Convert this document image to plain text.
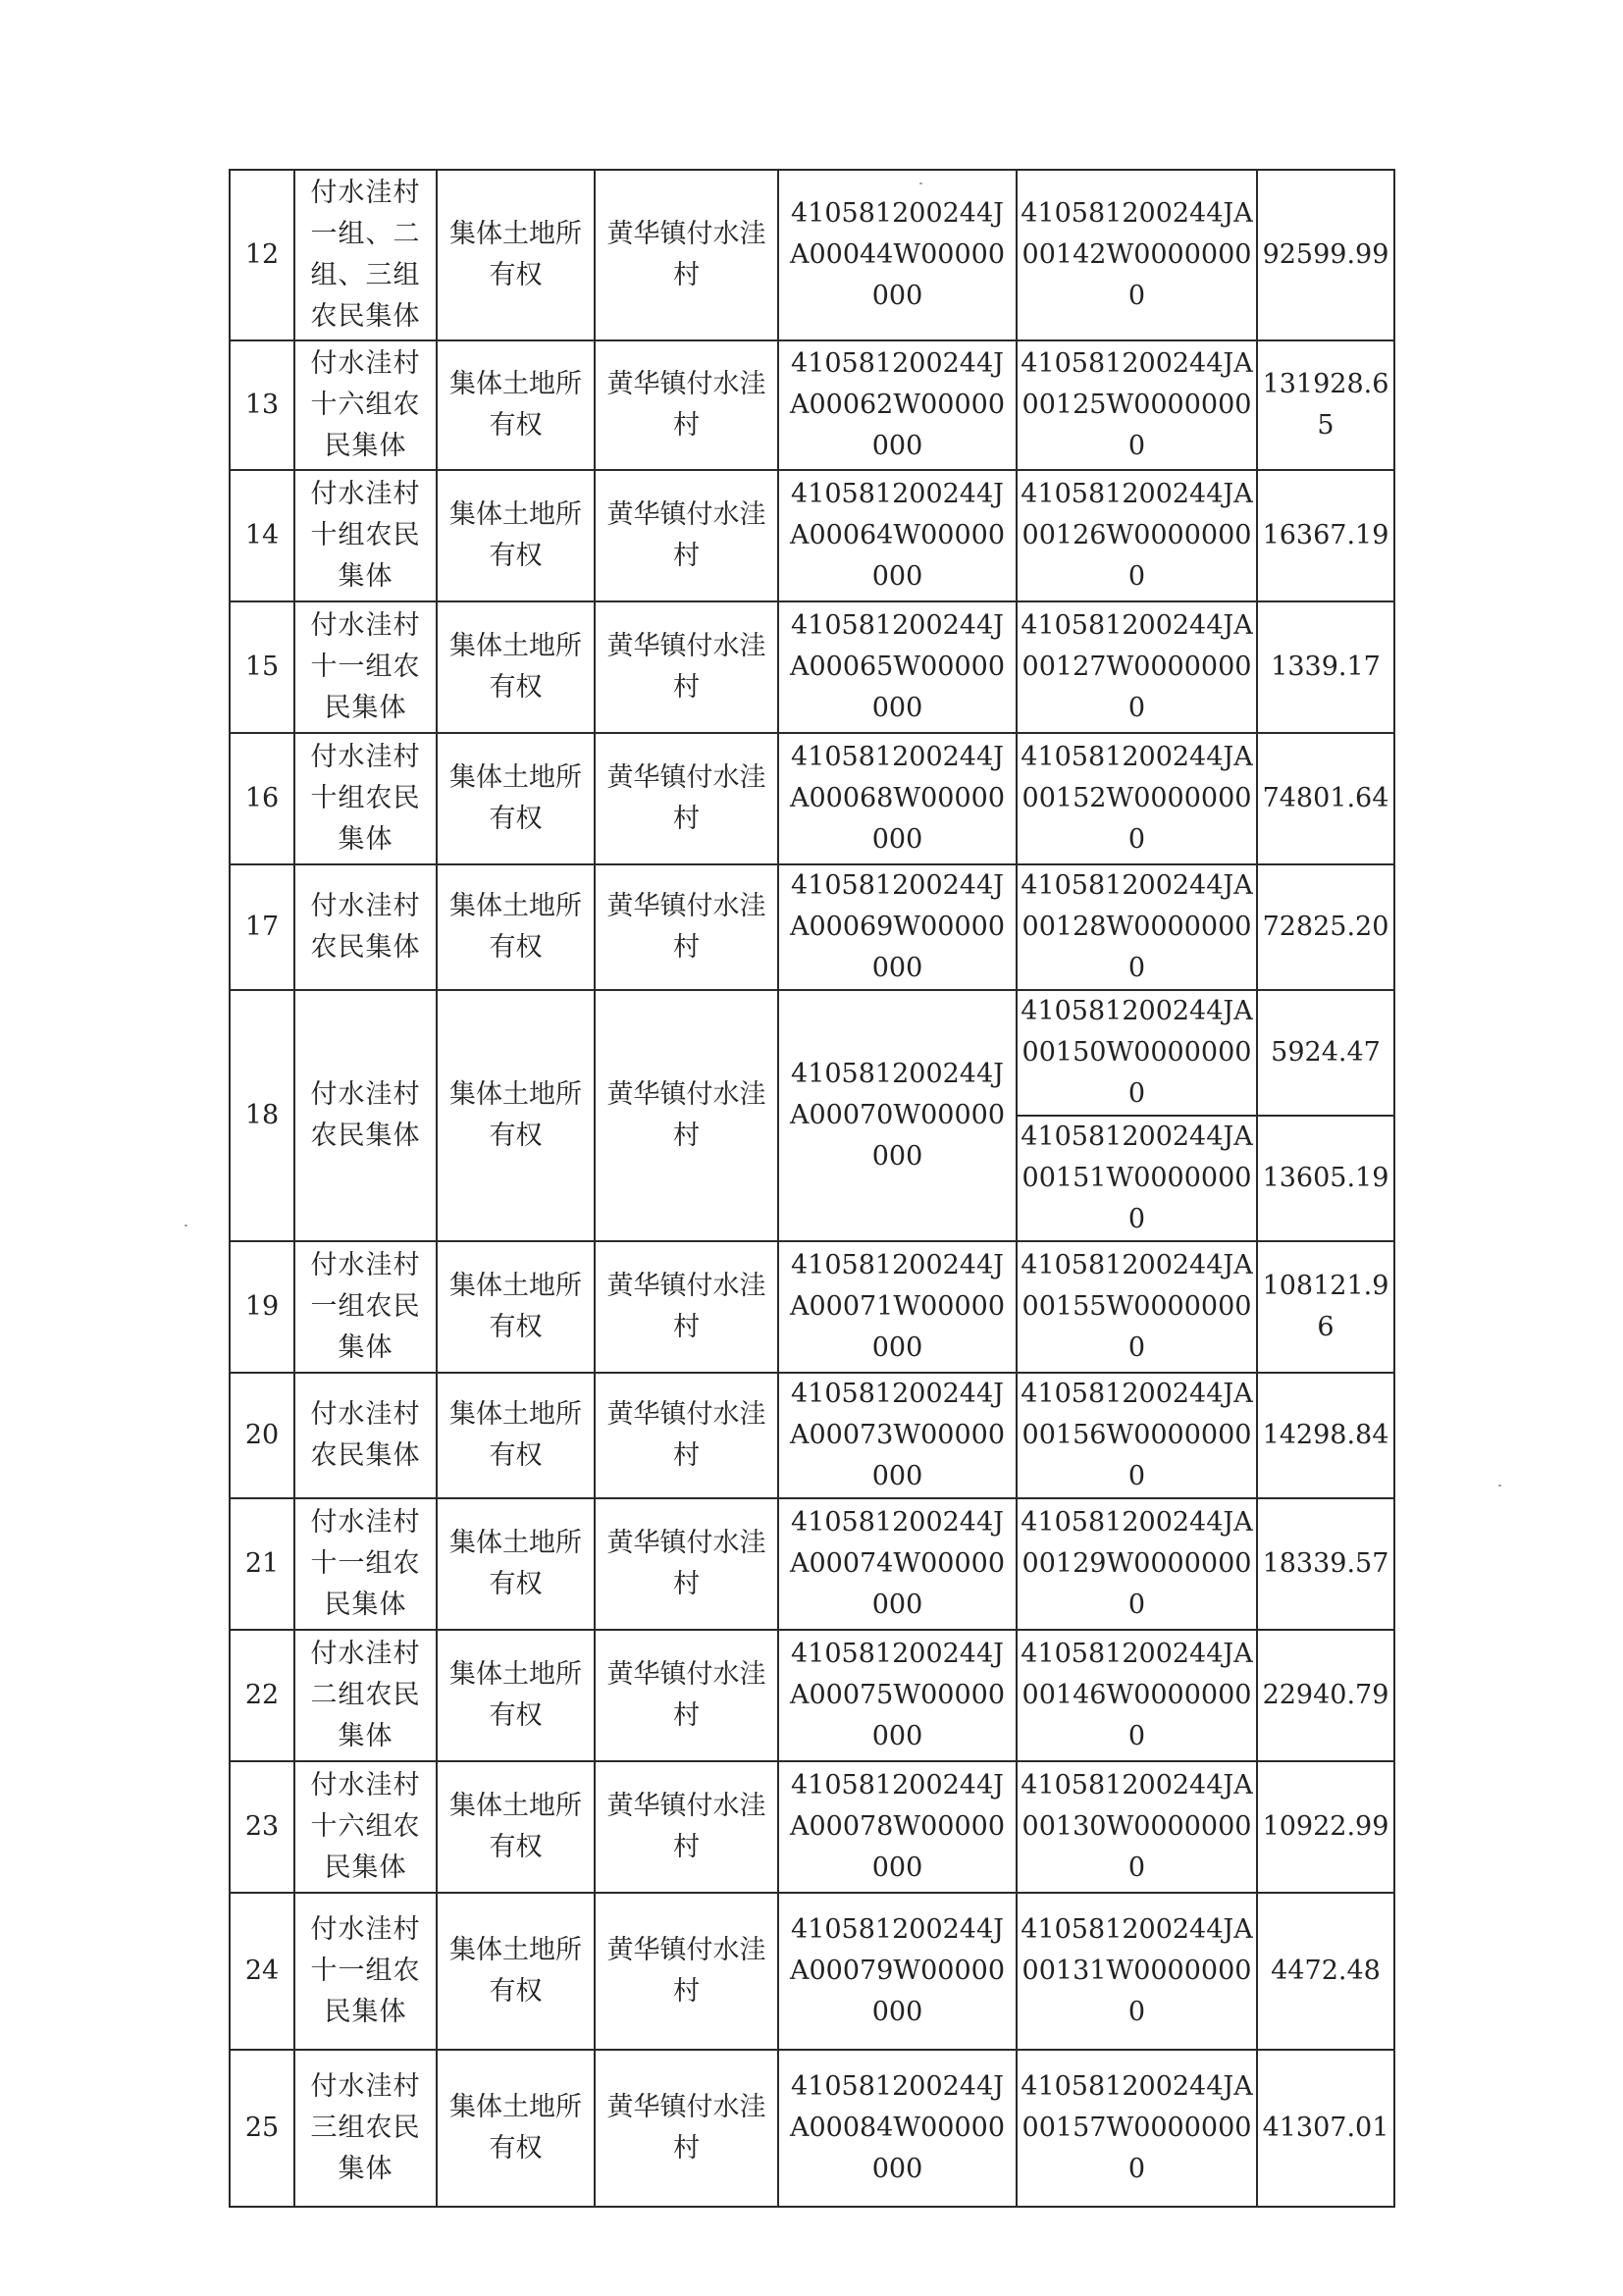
12	付水洼村一组、二组、三组农民集体	集体土地所有权	黄华镇付水洼村	410581200244JA00044W00000000	410581200244JA00142W00000000	92599.99
13	付水洼村十六组农民集体	集体土地所有权	黄华镇付水洼村	410581200244JA00062W00000000	410581200244JA00125W00000000	131928.65
14	付水洼村十组农民集体	集体土地所有权	黄华镇付水洼村	410581200244JA00064W00000000	410581200244JA00126W00000000	16367.19
15	付水洼村十一组农民集体	集体土地所有权	黄华镇付水洼村	410581200244JA00065W00000000	410581200244JA00127W00000000	1339.17
16	付水洼村十组农民集体	集体土地所有权	黄华镇付水洼村	410581200244JA00068W00000000	410581200244JA00152W00000000	74801.64
17	付水洼村农民集体	集体土地所有权	黄华镇付水洼村	410581200244JA00069W00000000	410581200244JA00128W00000000	72825.20
18	付水洼村农民集体	集体土地所有权	黄华镇付水洼村	410581200244JA00070W00000000	410581200244JA00150W00000000	5924.47
					410581200244JA00151W00000000	13605.19
19	付水洼村一组农民集体	集体土地所有权	黄华镇付水洼村	410581200244JA00071W00000000	410581200244JA00155W00000000	108121.96
20	付水洼村农民集体	集体土地所有权	黄华镇付水洼村	410581200244JA00073W00000000	410581200244JA00156W00000000	14298.84
21	付水洼村十一组农民集体	集体土地所有权	黄华镇付水洼村	410581200244JA00074W00000000	410581200244JA00129W00000000	18339.57
22	付水洼村二组农民集体	集体土地所有权	黄华镇付水洼村	410581200244JA00075W00000000	410581200244JA00146W00000000	22940.79
23	付水洼村十六组农民集体	集体土地所有权	黄华镇付水洼村	410581200244JA00078W00000000	410581200244JA00130W00000000	10922.99
24	付水洼村十一组农民集体	集体土地所有权	黄华镇付水洼村	410581200244JA00079W00000000	410581200244JA00131W00000000	4472.48
25	付水洼村三组农民集体	集体土地所有权	黄华镇付水洼村	410581200244JA00084W00000000	410581200244JA00157W00000000	41307.01
